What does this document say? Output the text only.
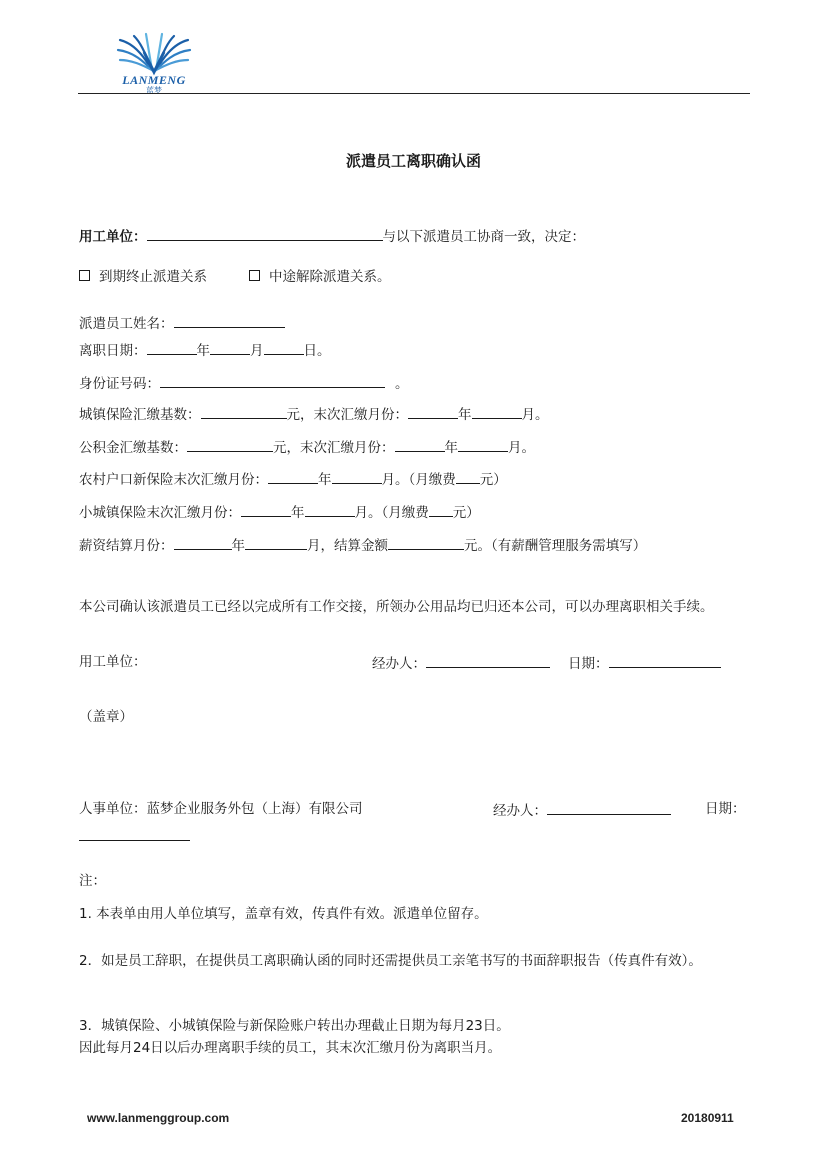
LANMENG
蓝梦
派遣员工离职确认函
用工单位：	与以下派遣员工协商一致，决定：
到期终止派遣关系	中途解除派遣关系。
派遣员工姓名：
离职日期：	年	月	日。
身份证号码：	。
城镇保险汇缴基数：	元，末次汇缴月份：	年	月。
公积金汇缴基数：	元，末次汇缴月份：	年	月。
农村户口新保险末次汇缴月份：	年	月。（月缴费 元）
小城镇保险末次汇缴月份：	年	月。（月缴费 元）
薪资结算月份：	年	月，结算金额	元。（有薪酬管理服务需填写）
本公司确认该派遣员工已经以完成所有工作交接，所领办公用品均已归还本公司，可以办理离职相关手续。
用工单位：	经办人：	日期：
（盖章）
人事单位：蓝梦企业服务外包（上海）有限公司	经办人：	日期：
注：
1. 本表单由用人单位填写，盖章有效，传真件有效。派遣单位留存。
2．如是员工辞职，在提供员工离职确认函的同时还需提供员工亲笔书写的书面辞职报告（传真件有效）。
3．城镇保险、小城镇保险与新保险账户转出办理截止日期为每月23日。
因此每月24日以后办理离职手续的员工，其末次汇缴月份为离职当月。
www.lanmenggroup.com	20180911
